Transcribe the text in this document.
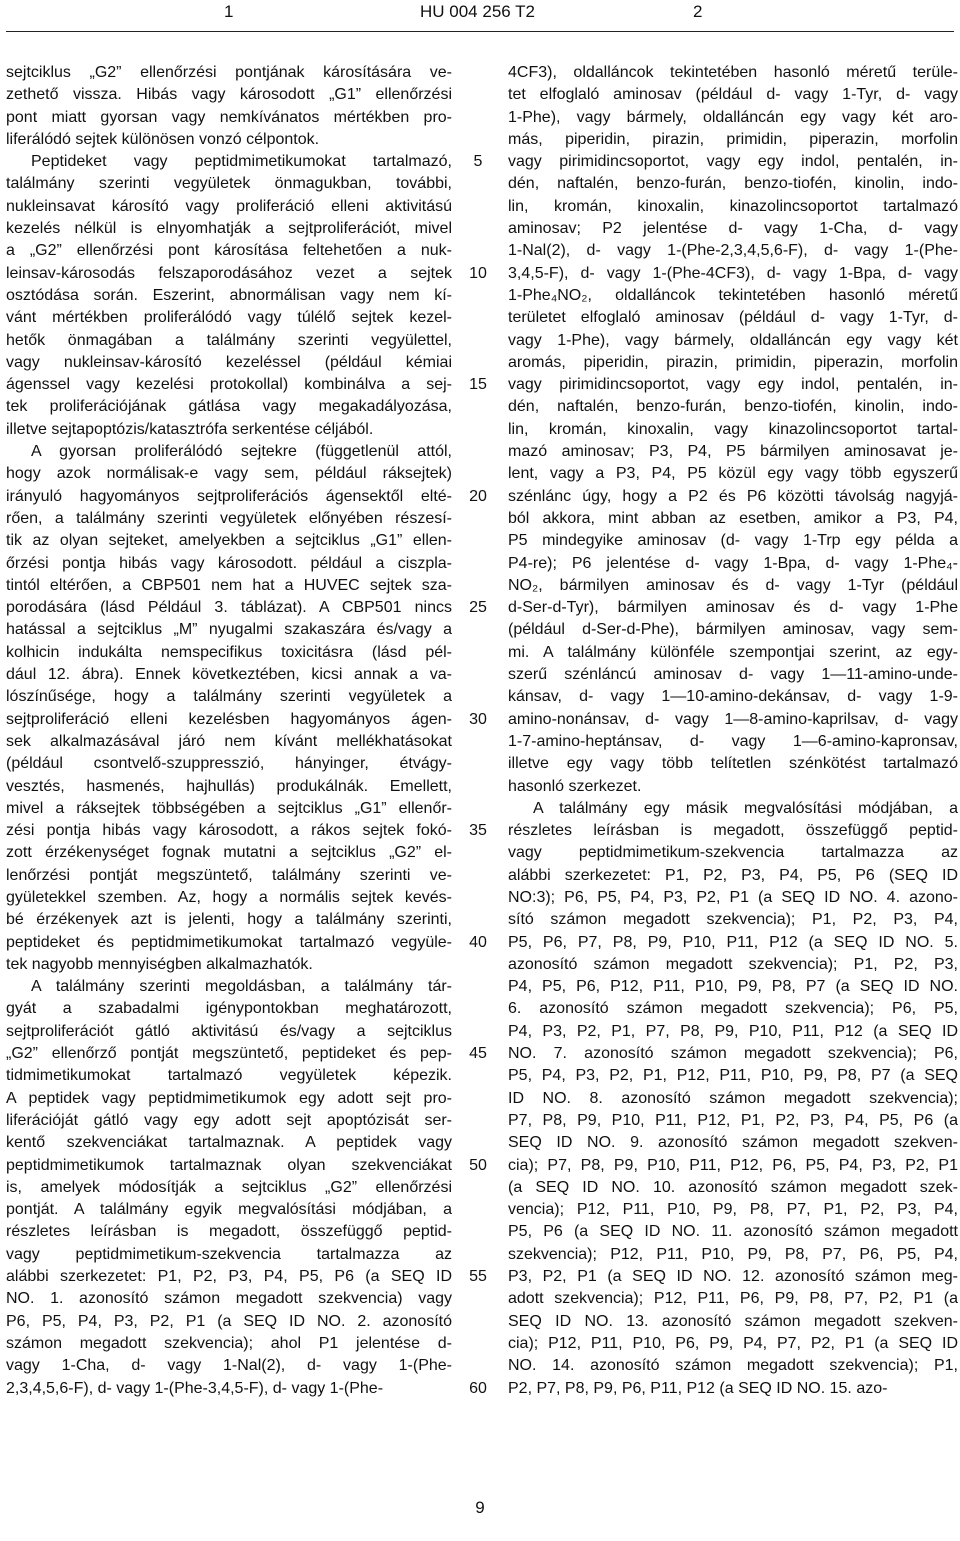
1	HU 004 256 T2	2
sejtciklus „G2” ellenőrzési pontjának károsítására ve-
zethető vissza. Hibás vagy károsodott „G1” ellenőrzési
pont miatt gyorsan vagy nemkívánatos mértékben pro-
liferálódó sejtek különösen vonzó célpontok.
Peptideket vagy peptidmimetikumokat tartalmazó,
találmány szerinti vegyületek önmagukban, további,
nukleinsavat károsító vagy proliferáció elleni aktivitású
kezelés nélkül is elnyomhatják a sejtproliferációt, mivel
a „G2” ellenőrzési pont károsítása feltehetően a nuk-
leinsav-károsodás felszaporodásához vezet a sejtek
osztódása során. Eszerint, abnormálisan vagy nem kí-
vánt mértékben proliferálódó vagy túlélő sejtek kezel-
hetők önmagában a találmány szerinti vegyülettel,
vagy nukleinsav-károsító kezeléssel (például kémiai
ágenssel vagy kezelési protokollal) kombinálva a sej-
tek proliferációjának gátlása vagy megakadályozása,
illetve sejtapoptózis/katasztrófa serkentése céljából.
A gyorsan proliferálódó sejtekre (függetlenül attól,
hogy azok normálisak-e vagy sem, például ráksejtek)
irányuló hagyományos sejtproliferációs ágensektől elté-
rően, a találmány szerinti vegyületek előnyében részesí-
tik az olyan sejteket, amelyekben a sejtciklus „G1” ellen-
őrzési pontja hibás vagy károsodott. például a ciszpla-
tintól eltérően, a CBP501 nem hat a HUVEC sejtek sza-
porodására (lásd Például 3. táblázat). A CBP501 nincs
hatással a sejtciklus „M” nyugalmi szakaszára és/vagy a
kolhicin indukálta nemspecifikus toxicitásra (lásd pél-
dául 12. ábra). Ennek következtében, kicsi annak a va-
lószínűsége, hogy a találmány szerinti vegyületek a
sejtproliferáció elleni kezelésben hagyományos ágen-
sek alkalmazásával járó nem kívánt mellékhatásokat
(például csontvelő-szuppresszió, hányinger, étvágy-
vesztés, hasmenés, hajhullás) produkálnák. Emellett,
mivel a ráksejtek többségében a sejtciklus „G1” ellenőr-
zési pontja hibás vagy károsodott, a rákos sejtek fokó-
zott érzékenységet fognak mutatni a sejtciklus „G2” el-
lenőrzési pontját megszüntető, találmány szerinti ve-
gyületekkel szemben. Az, hogy a normális sejtek kevés-
bé érzékenyek azt is jelenti, hogy a találmány szerinti,
peptideket és peptidmimetikumokat tartalmazó vegyüle-
tek nagyobb mennyiségben alkalmazhatók.
A találmány szerinti megoldásban, a találmány tár-
gyát a szabadalmi igénypontokban meghatározott,
sejtproliferációt gátló aktivitású és/vagy a sejtciklus
„G2” ellenőrző pontját megszüntető, peptideket és pep-
tidmimetikumokat tartalmazó vegyületek képezik.
A peptidek vagy peptidmimetikumok egy adott sejt pro-
liferációját gátló vagy egy adott sejt apoptózisát ser-
kentő szekvenciákat tartalmaznak. A peptidek vagy
peptidmimetikumok tartalmaznak olyan szekvenciákat
is, amelyek módosítják a sejtciklus „G2” ellenőrzési
pontját. A találmány egyik megvalósítási módjában, a
részletes leírásban is megadott, összefüggő peptid-
vagy peptidmimetikum-szekvencia tartalmazza az
alábbi szerkezetet: P1, P2, P3, P4, P5, P6 (a SEQ ID
NO. 1. azonosító számon megadott szekvencia) vagy
P6, P5, P4, P3, P2, P1 (a SEQ ID NO. 2. azonosító
számon megadott szekvencia); ahol P1 jelentése d-
vagy 1-Cha, d- vagy 1-Nal(2), d- vagy 1-(Phe-
2,3,4,5,6-F), d- vagy 1-(Phe-3,4,5-F), d- vagy 1-(Phe-
5
10
15
20
25
30
35
40
45
50
55
60
4CF3), oldalláncok tekintetében hasonló méretű terüle-
tet elfoglaló aminosav (például d- vagy 1-Tyr, d- vagy
1-Phe), vagy bármely, oldalláncán egy vagy két aro-
más, piperidin, pirazin, primidin, piperazin, morfolin
vagy pirimidincsoportot, vagy egy indol, pentalén, in-
dén, naftalén, benzo-furán, benzo-tiofén, kinolin, indo-
lin, kromán, kinoxalin, kinazolincsoportot tartalmazó
aminosav; P2 jelentése d- vagy 1-Cha, d- vagy
1-Nal(2), d- vagy 1-(Phe-2,3,4,5,6-F), d- vagy 1-(Phe-
3,4,5-F), d- vagy 1-(Phe-4CF3), d- vagy 1-Bpa, d- vagy
1-Phe₄NO₂, oldalláncok tekintetében hasonló méretű
területet elfoglaló aminosav (például d- vagy 1-Tyr, d-
vagy 1-Phe), vagy bármely, oldalláncán egy vagy két
aromás, piperidin, pirazin, primidin, piperazin, morfolin
vagy pirimidincsoportot, vagy egy indol, pentalén, in-
dén, naftalén, benzo-furán, benzo-tiofén, kinolin, indo-
lin, kromán, kinoxalin, vagy kinazolincsoportot tartal-
mazó aminosav; P3, P4, P5 bármilyen aminosavat je-
lent, vagy a P3, P4, P5 közül egy vagy több egyszerű
szénlánc úgy, hogy a P2 és P6 közötti távolság nagyjá-
ból akkora, mint abban az esetben, amikor a P3, P4,
P5 mindegyike aminosav (d- vagy 1-Trp egy példa a
P4-re); P6 jelentése d- vagy 1-Bpa, d- vagy 1-Phe₄-
NO₂, bármilyen aminosav és d- vagy 1-Tyr (például
d-Ser-d-Tyr), bármilyen aminosav és d- vagy 1-Phe
(például d-Ser-d-Phe), bármilyen aminosav, vagy sem-
mi. A találmány különféle szempontjai szerint, az egy-
szerű szénláncú aminosav d- vagy 1—11-amino-unde-
kánsav, d- vagy 1—10-amino-dekánsav, d- vagy 1-9-
amino-nonánsav, d- vagy 1—8-amino-kaprilsav, d- vagy
1-7-amino-heptánsav, d- vagy 1—6-amino-kapronsav,
illetve egy vagy több telítetlen szénkötést tartalmazó
hasonló szerkezet.
A találmány egy másik megvalósítási módjában, a
részletes leírásban is megadott, összefüggő peptid-
vagy peptidmimetikum-szekvencia tartalmazza az
alábbi szerkezetet: P1, P2, P3, P4, P5, P6 (SEQ ID
NO:3); P6, P5, P4, P3, P2, P1 (a SEQ ID NO. 4. azono-
sító számon megadott szekvencia); P1, P2, P3, P4,
P5, P6, P7, P8, P9, P10, P11, P12 (a SEQ ID NO. 5.
azonosító számon megadott szekvencia); P1, P2, P3,
P4, P5, P6, P12, P11, P10, P9, P8, P7 (a SEQ ID NO.
6. azonosító számon megadott szekvencia); P6, P5,
P4, P3, P2, P1, P7, P8, P9, P10, P11, P12 (a SEQ ID
NO. 7. azonosító számon megadott szekvencia); P6,
P5, P4, P3, P2, P1, P12, P11, P10, P9, P8, P7 (a SEQ
ID NO. 8. azonosító számon megadott szekvencia);
P7, P8, P9, P10, P11, P12, P1, P2, P3, P4, P5, P6 (a
SEQ ID NO. 9. azonosító számon megadott szekven-
cia); P7, P8, P9, P10, P11, P12, P6, P5, P4, P3, P2, P1
(a SEQ ID NO. 10. azonosító számon megadott szek-
vencia); P12, P11, P10, P9, P8, P7, P1, P2, P3, P4,
P5, P6 (a SEQ ID NO. 11. azonosító számon megadott
szekvencia); P12, P11, P10, P9, P8, P7, P6, P5, P4,
P3, P2, P1 (a SEQ ID NO. 12. azonosító számon meg-
adott szekvencia); P12, P11, P6, P9, P8, P7, P2, P1 (a
SEQ ID NO. 13. azonosító számon megadott szekven-
cia); P12, P11, P10, P6, P9, P4, P7, P2, P1 (a SEQ ID
NO. 14. azonosító számon megadott szekvencia); P1,
P2, P7, P8, P9, P6, P11, P12 (a SEQ ID NO. 15. azo-
9
